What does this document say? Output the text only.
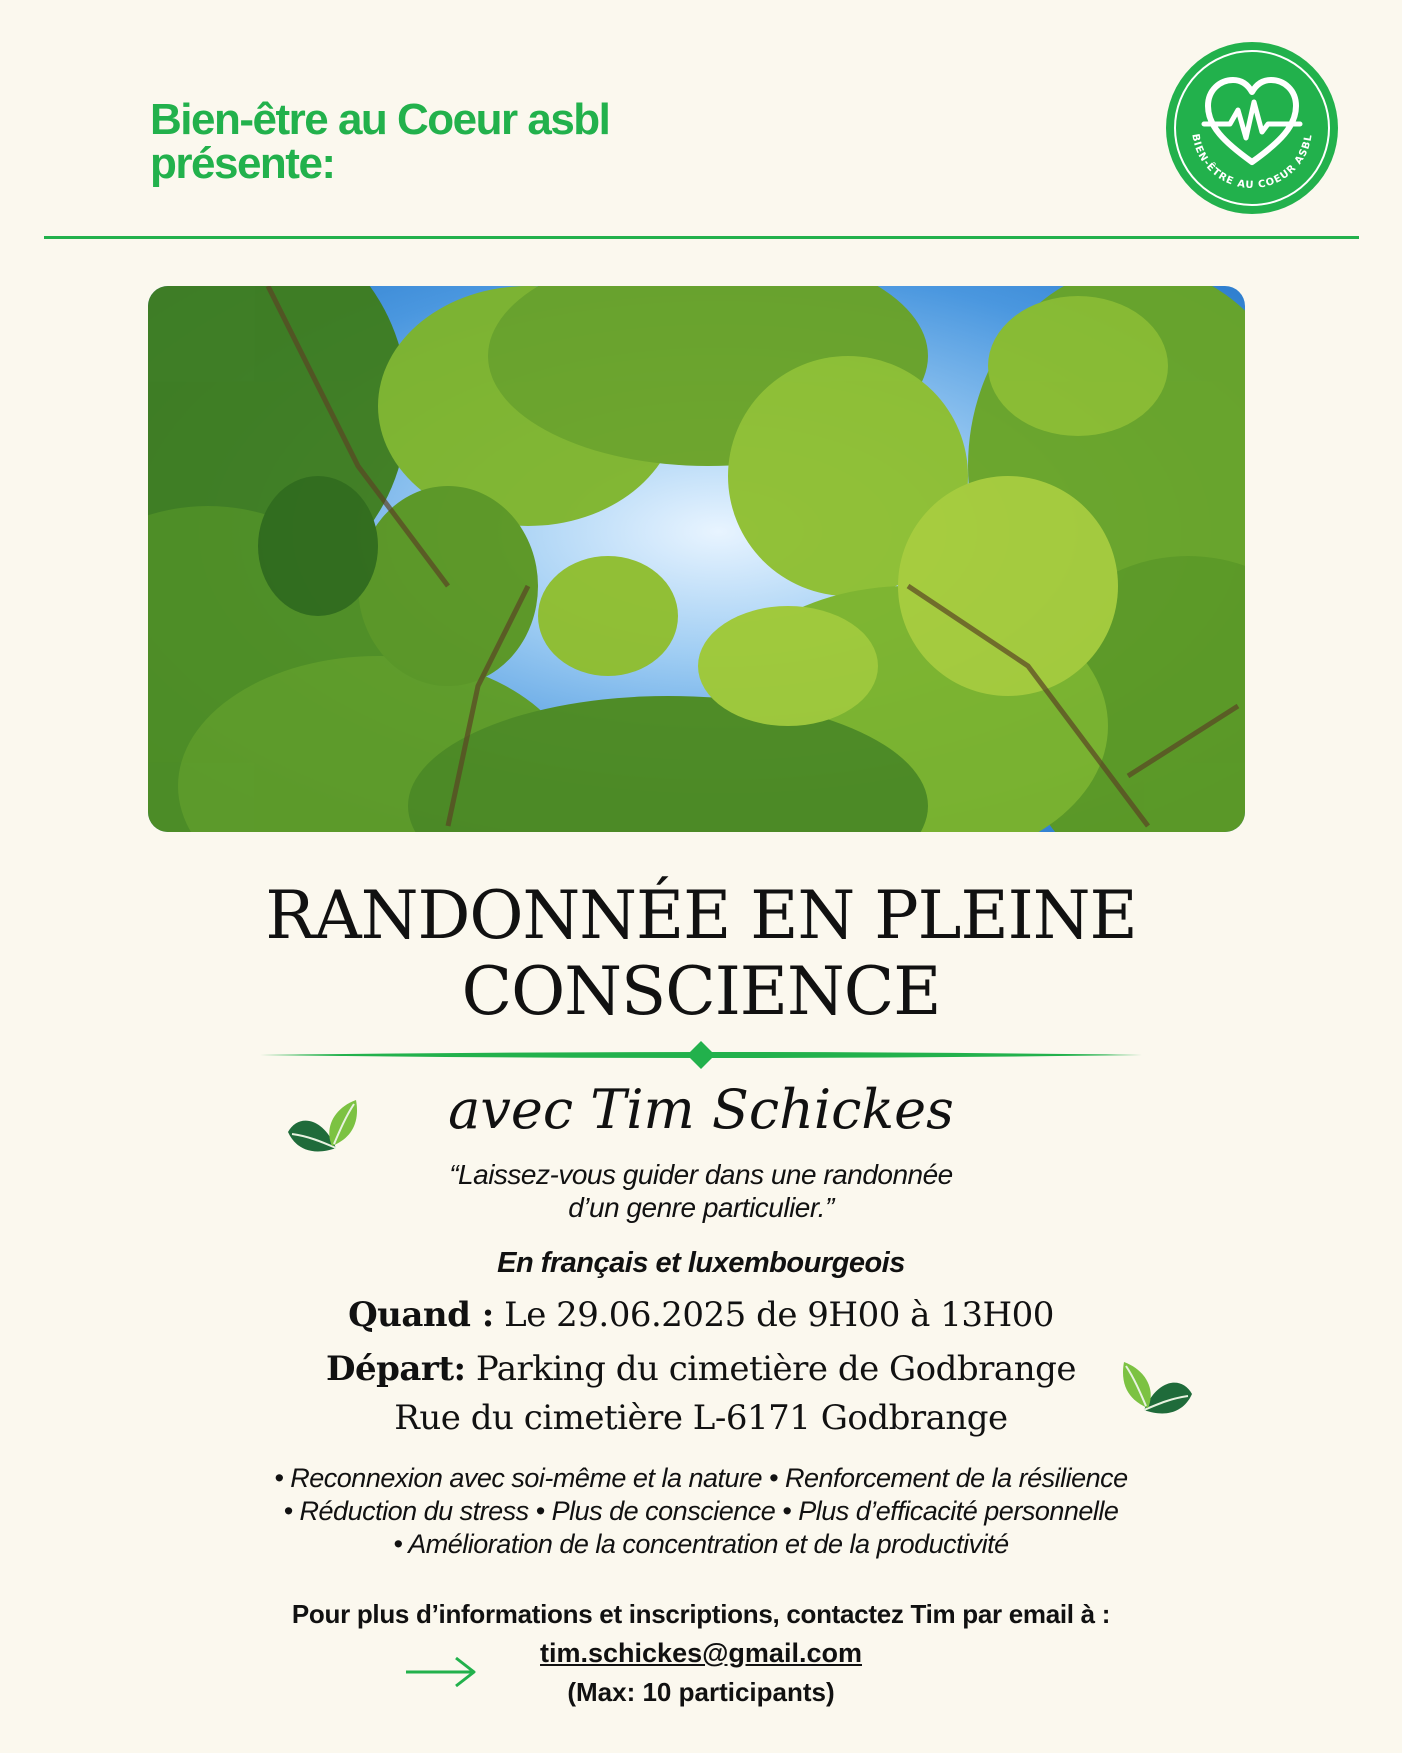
Bien-être au Coeur asbl
présente:
BIEN-ÊTRE AU COEUR ASBL
RANDONNÉE EN PLEINE
CONSCIENCE
avec Tim Schickes
“Laissez-vous guider dans une randonnée
d’un genre particulier.”
En français et luxembourgeois
Quand : Le 29.06.2025 de 9H00 à 13H00
Départ: Parking du cimetière de Godbrange
Rue du cimetière L-6171 Godbrange
• Reconnexion avec soi-même et la nature • Renforcement de la résilience
• Réduction du stress • Plus de conscience • Plus d’efficacité personnelle
• Amélioration de la concentration et de la productivité
Pour plus d’informations et inscriptions, contactez Tim par email à :
tim.schickes@gmail.com
(Max: 10 participants)
